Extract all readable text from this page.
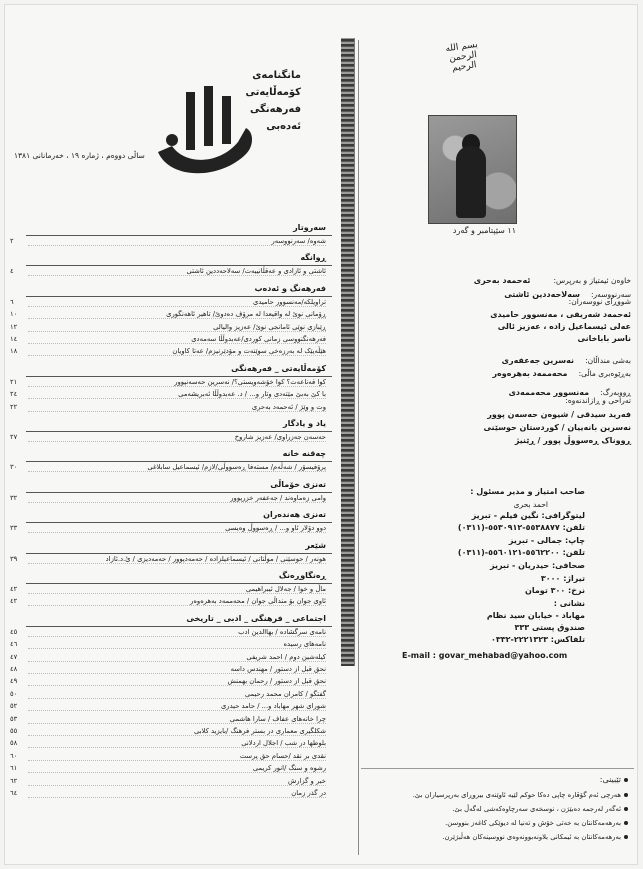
بسم الله الرحمن الرحیم
١١ سێپتامبر و گەرد
خاوەن ئیمتیاز و بەرپرس: ئەحمەد بەحری
سەرنووسەر: سەلاحەددین ئاشتی
شووڕای نووسەران:
ئەحمەد شەریفی ، مەنسوور حامیدی
عەلی ئیسماعیل زادە ، عەزیز ئالی
ناسر باباخانی
بەشی منداڵان: نەسرین جەعفەری
بەڕێوەبری ماڵی: محەممەد بەهرەوەر
ڕووبەرگ: مەنسوور محەممەدی
تەراحی و ڕازاندنەوە:
فەرید سیدقی / شیوەن حەسەن پوور
نەسرین بانەییان / کوردستان حوسێنی
ڕووناک ڕەسووڵ پوور / ڕێنیژ
صاحب امتیاز و مدیر مسئول :
احمد بحری
لیتوگرافی: نگین فیلم - تبریز
تلفن: ٥٥٣٨٨٧٧-٥٥٣٠٩١٢-(٠٣١١)
چاپ: جمالی - تبریز
تلفن: ٥٥٦٢٢٠٠-٥٥٦٠١٢١-(٠٣١١)
صحافی: حیدریان - تبریز
تیراژ: ٣٠٠٠
نرخ: ٣٠٠ تومان
نشانی :
مهاباد - خیابان سید نظام
صندوق پستی ٣٣٣
تلفاکس: ٢٢٢١٣٢٣-٠٣٣٢
E-mail : govar_mehabad@yahoo.com
تێبینی:
هەرچی ئەم گۆڤارە چاپی دەکا حوکم لێیە ئاوێنەی بیروڕای بەرپرسیاران بێ.
ئەگەر لەرجمە دەبێژن ، نوسخەی سەرچاوەکەشی لەگەڵ بێ.
بەرهەمەکانتان بە خەتی خۆش و تەنیا لە دیوێکی کاغەز بنووسن.
بەرهەمەکانتان بە ئیمکانی بلاونەبوونەوەی نووسینەکان هەڵبژێرن.
مانگنامەی
کۆمەڵایەتی
فەرهەنگی
ئەدەبی
ساڵی دووەم ، ژمارە ١٩ ، خەرمانانی ١٣٨١
سەروتار
شەوە/ سەرنووسەر
٢
ڕوانگە
ئاشتی و ئازادی و عەقڵانییەت/ سەلاحەددین ئاشتی
٤
فەرهەنگ و ئەدەب
تراویلکە/مەنسوور حامیدی
٦
ڕۆمانی نوێ لە واقیعدا لە مرۆڤ دەدوێ/ تاهیر ئاهەنگوری
١٠
ڕێبازی نوێی ئامانجی نوێ/ عەزیز والیالی
١٢
فەرهەنگنووسی زمانی کوردی/عەبدوڵڵا سەمەدی
١٤
هێڵەیێک لە بەرزەخی سوێنەت و مۆدێرنیزم/ عەتا کاویان
١٨
کۆمەڵایەتی _ فەرهەنگی
کوا قەناعەت؟ کوا خۆشەویستی؟/ نەسرین حەسەنپوور
٢١
با کێ بەبێ مێتەدی وتار و... / د. عەبدوڵڵا ئەبریشەمی
٢٤
وت و وێژ / ئەحمەد بەحری
٢٢
یاد و یادگار
حەسەن جەزراوی/ عەزیز شاروخ
٢٧
چەقنە خانە
پرۆفیسۆر / شەڵەم/ مستەفا ڕەسووڵی/لازم/ ئیسماعیل سابلاغی
٣٠
تەنزی خۆماڵی
وامی زەماوەند / جەعفەر خزرپوور
٣٢
تەنزی هەندەران
دوو دۆلار ئاو و... / ڕەسووڵ وەیسی
٣٣
شێعر
هونەر / حوسێنی / موڵتانی / ئیسماعیلزادە / حەمەدپوور / حەمەدیزی / ئ.د.ئازاد
٣٩
ڕەنگاوڕەنگ
ماڵ و خوا / جەلال ئیبراهیمی
٤٢
ئاوی جوان بۆ منداڵی جوان / محەممەد بەهرەوەر
٤٢
اجتماعی _ فرهنگی _ ادبی _ تاریخی
نامەی سرگشادە / بهاالدین ادب
٤٥
نامەهای رسیدە
٤٦
کیلەشین دوم / احمد شریفی
٤٧
نحق قبل از دستور / مهندس داسە
٤٨
نحق قبل از دستور / رحمان بهمنش
٤٩
گفتگو / کامران محمد رحیمی
٥٠
شورای شهر مهاباد و... / حامد حیدری
٥٢
چرا خانەهای عفاف / سارا هاشمی
٥٣
شکلگیری معماری در بستر فرهنگ /بایزید کلابی
٥٥
بلوطها در شب / اجلال اردلانی
٥٨
نقدی بر نقد /حسام حق پرست
٦٠
رشوە و سنگ /انور کریمی
٦١
خبر و گزارش
٦٢
در گذر زمان
٦٤
